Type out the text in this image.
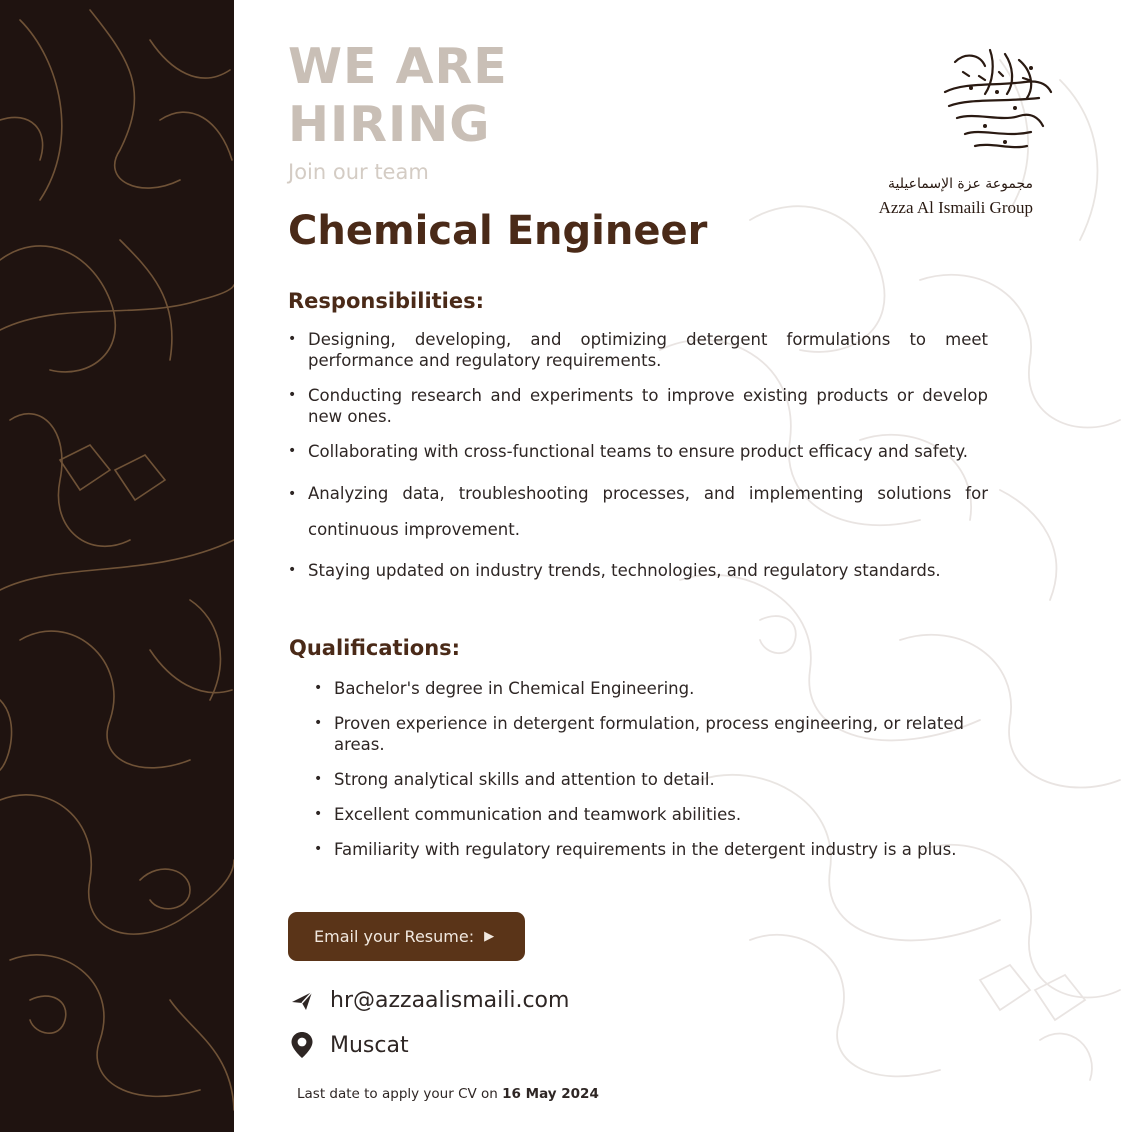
WE ARE
HIRING
Join our team
Chemical Engineer
مجموعة عزة الإسماعيلية
Azza Al Ismaili Group
Responsibilities:
• Designing, developing, and optimizing detergent formulations to meet performance and regulatory requirements.
• Conducting research and experiments to improve existing products or develop new ones.
• Collaborating with cross-functional teams to ensure product efficacy and safety.
• Analyzing data, troubleshooting processes, and implementing solutions for continuous improvement.
• Staying updated on industry trends, technologies, and regulatory standards.
Qualifications:
• Bachelor's degree in Chemical Engineering.
• Proven experience in detergent formulation, process engineering, or related areas.
• Strong analytical skills and attention to detail.
• Excellent communication and teamwork abilities.
• Familiarity with regulatory requirements in the detergent industry is a plus.
Email your Resume: ▶
hr@azzaalismaili.com
Muscat
Last date to apply your CV on 16 May 2024
